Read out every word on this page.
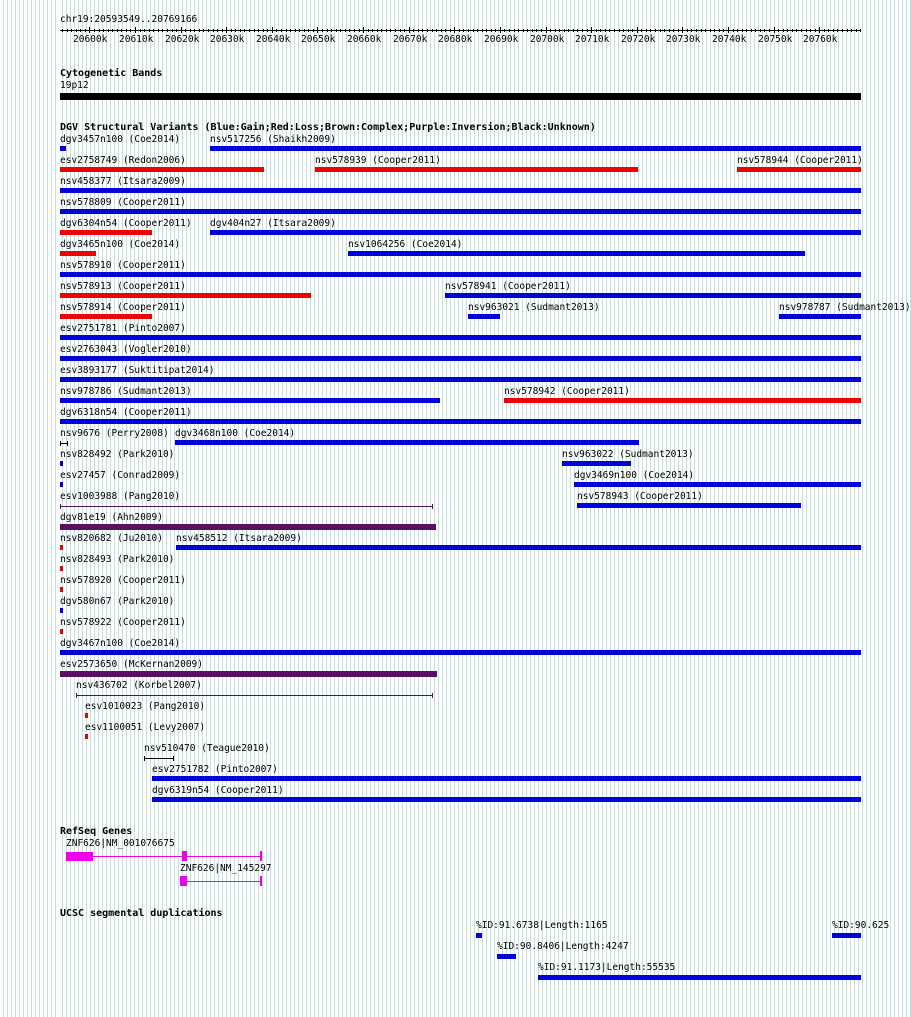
chr19:20593549..20769166
20600k 20610k 20620k 20630k 20640k 20650k 20660k 20670k 20680k 20690k 20700k 20710k 20720k 20730k 20740k 20750k 20760k
Cytogenetic Bands
19p12
DGV Structural Variants (Blue:Gain;Red:Loss;Brown:Complex;Purple:Inversion;Black:Unknown)
dgv3457n100 (Coe2014)	nsv517256 (Shaikh2009)
esv2758749 (Redon2006)	nsv578939 (Cooper2011)	nsv578944 (Cooper2011)
nsv458377 (Itsara2009)
nsv578809 (Cooper2011)
dgv6304n54 (Cooper2011) dgv404n27 (Itsara2009)
dgv3465n100 (Coe2014)	nsv1064256 (Coe2014)
nsv578910 (Cooper2011)
nsv578913 (Cooper2011)	nsv578941 (Cooper2011)
nsv578914 (Cooper2011)	nsv963021 (Sudmant2013)	nsv978787 (Sudmant2013)
esv2751781 (Pinto2007)
esv2763043 (Vogler2010)
esv3893177 (Suktitipat2014)
nsv978786 (Sudmant2013)	nsv578942 (Cooper2011)
dgv6318n54 (Cooper2011)
nsv9676 (Perry2008) dgv3468n100 (Coe2014)
nsv828492 (Park2010)	nsv963022 (Sudmant2013)
esv27457 (Conrad2009)	dgv3469n100 (Coe2014)
esv1003988 (Pang2010)	nsv578943 (Cooper2011)
dgv81e19 (Ahn2009)
nsv820682 (Ju2010) nsv458512 (Itsara2009)
nsv828493 (Park2010)
nsv578920 (Cooper2011)
dgv580n67 (Park2010)
nsv578922 (Cooper2011)
dgv3467n100 (Coe2014)
esv2573650 (McKernan2009)
nsv436702 (Korbel2007)
esv1010023 (Pang2010)
esv1100051 (Levy2007)
nsv510470 (Teague2010)
esv2751782 (Pinto2007)
dgv6319n54 (Cooper2011)
RefSeq Genes
ZNF626|NM_001076675
ZNF626|NM_145297
UCSC segmental duplications
%ID:91.6738|Length:1165	%ID:90.625
%ID:90.8406|Length:4247
%ID:91.1173|Length:55535
